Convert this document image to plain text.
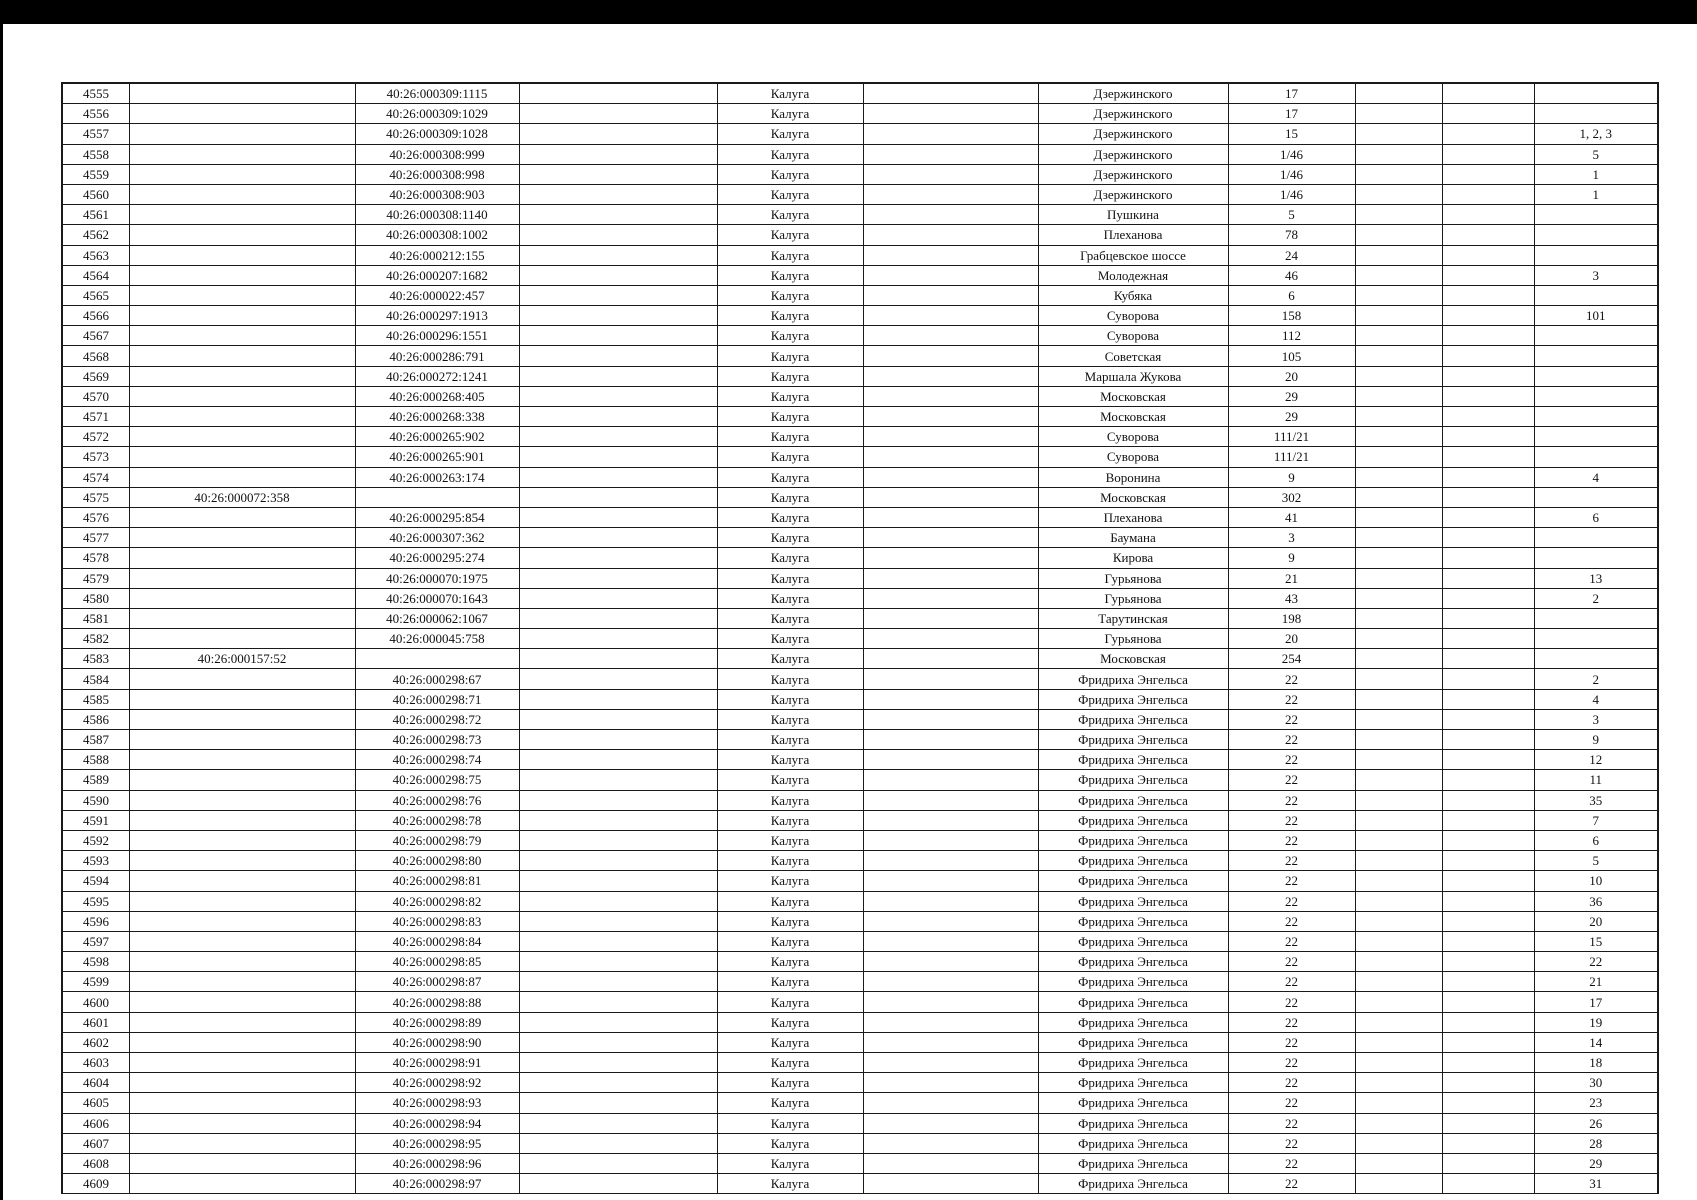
4555		40:26:000309:1115		Калуга		Дзержинского	17			
4556		40:26:000309:1029		Калуга		Дзержинского	17			
4557		40:26:000309:1028		Калуга		Дзержинского	15			1, 2, 3
4558		40:26:000308:999		Калуга		Дзержинского	1/46			5
4559		40:26:000308:998		Калуга		Дзержинского	1/46			1
4560		40:26:000308:903		Калуга		Дзержинского	1/46			1
4561		40:26:000308:1140		Калуга		Пушкина	5			
4562		40:26:000308:1002		Калуга		Плеханова	78			
4563		40:26:000212:155		Калуга		Грабцевское шоссе	24			
4564		40:26:000207:1682		Калуга		Молодежная	46			3
4565		40:26:000022:457		Калуга		Кубяка	6			
4566		40:26:000297:1913		Калуга		Суворова	158			101
4567		40:26:000296:1551		Калуга		Суворова	112			
4568		40:26:000286:791		Калуга		Советская	105			
4569		40:26:000272:1241		Калуга		Маршала Жукова	20			
4570		40:26:000268:405		Калуга		Московская	29			
4571		40:26:000268:338		Калуга		Московская	29			
4572		40:26:000265:902		Калуга		Суворова	111/21			
4573		40:26:000265:901		Калуга		Суворова	111/21			
4574		40:26:000263:174		Калуга		Воронина	9			4
4575	40:26:000072:358			Калуга		Московская	302			
4576		40:26:000295:854		Калуга		Плеханова	41			6
4577		40:26:000307:362		Калуга		Баумана	3			
4578		40:26:000295:274		Калуга		Кирова	9			
4579		40:26:000070:1975		Калуга		Гурьянова	21			13
4580		40:26:000070:1643		Калуга		Гурьянова	43			2
4581		40:26:000062:1067		Калуга		Тарутинская	198			
4582		40:26:000045:758		Калуга		Гурьянова	20			
4583	40:26:000157:52			Калуга		Московская	254			
4584		40:26:000298:67		Калуга		Фридриха Энгельса	22			2
4585		40:26:000298:71		Калуга		Фридриха Энгельса	22			4
4586		40:26:000298:72		Калуга		Фридриха Энгельса	22			3
4587		40:26:000298:73		Калуга		Фридриха Энгельса	22			9
4588		40:26:000298:74		Калуга		Фридриха Энгельса	22			12
4589		40:26:000298:75		Калуга		Фридриха Энгельса	22			11
4590		40:26:000298:76		Калуга		Фридриха Энгельса	22			35
4591		40:26:000298:78		Калуга		Фридриха Энгельса	22			7
4592		40:26:000298:79		Калуга		Фридриха Энгельса	22			6
4593		40:26:000298:80		Калуга		Фридриха Энгельса	22			5
4594		40:26:000298:81		Калуга		Фридриха Энгельса	22			10
4595		40:26:000298:82		Калуга		Фридриха Энгельса	22			36
4596		40:26:000298:83		Калуга		Фридриха Энгельса	22			20
4597		40:26:000298:84		Калуга		Фридриха Энгельса	22			15
4598		40:26:000298:85		Калуга		Фридриха Энгельса	22			22
4599		40:26:000298:87		Калуга		Фридриха Энгельса	22			21
4600		40:26:000298:88		Калуга		Фридриха Энгельса	22			17
4601		40:26:000298:89		Калуга		Фридриха Энгельса	22			19
4602		40:26:000298:90		Калуга		Фридриха Энгельса	22			14
4603		40:26:000298:91		Калуга		Фридриха Энгельса	22			18
4604		40:26:000298:92		Калуга		Фридриха Энгельса	22			30
4605		40:26:000298:93		Калуга		Фридриха Энгельса	22			23
4606		40:26:000298:94		Калуга		Фридриха Энгельса	22			26
4607		40:26:000298:95		Калуга		Фридриха Энгельса	22			28
4608		40:26:000298:96		Калуга		Фридриха Энгельса	22			29
4609		40:26:000298:97		Калуга		Фридриха Энгельса	22			31
